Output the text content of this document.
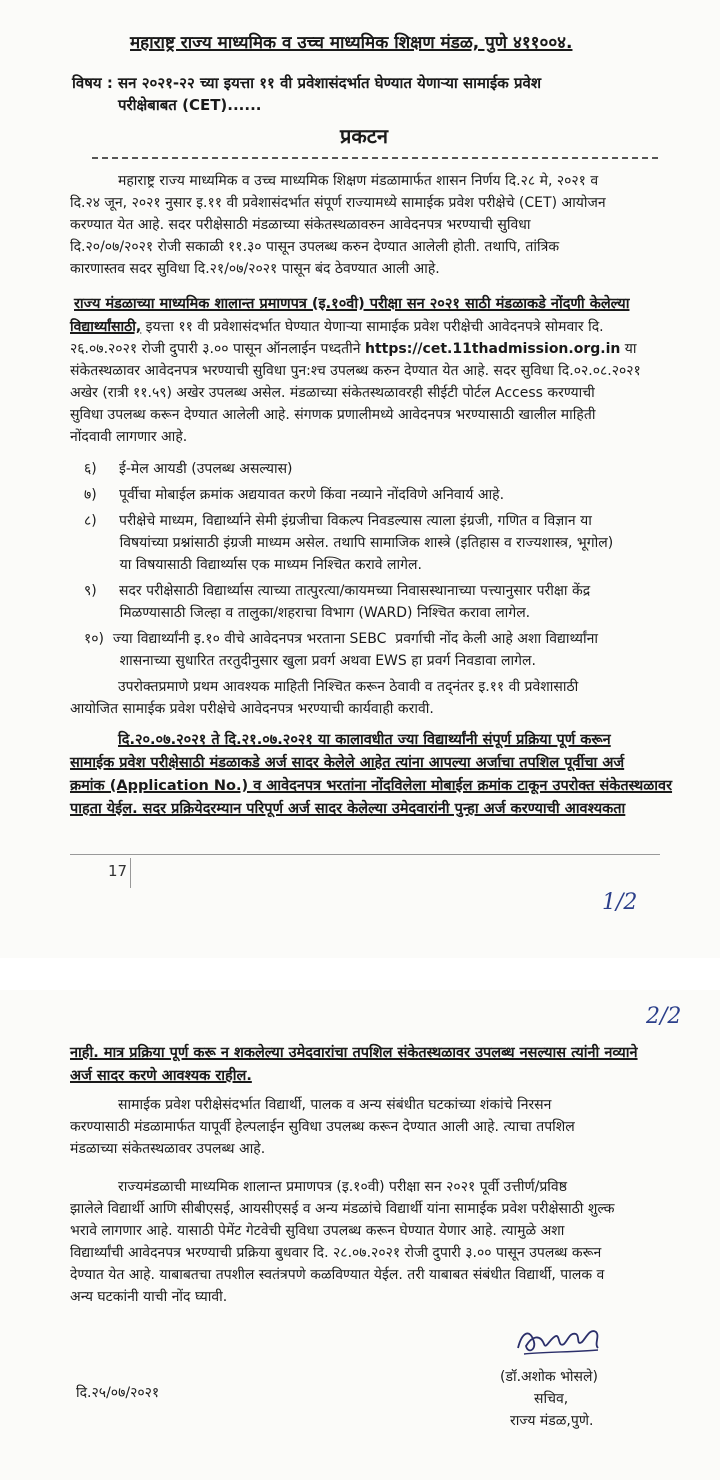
महाराष्ट्र राज्य माध्यमिक व उच्च माध्यमिक शिक्षण मंडळ, पुणे ४११००४.
विषय : सन २०२१-२२ च्या इयत्ता ११ वी प्रवेशासंदर्भात घेण्यात येणाऱ्या सामाईक प्रवेश
परीक्षेबाबत (CET)......
प्रकटन
महाराष्ट्र राज्य माध्यमिक व उच्च माध्यमिक शिक्षण मंडळामार्फत शासन निर्णय दि.२८ मे, २०२१ व
दि.२४ जून, २०२१ नुसार इ.११ वी प्रवेशासंदर्भात संपूर्ण राज्यामध्ये सामाईक प्रवेश परीक्षेचे (CET) आयोजन
करण्यात येत आहे. सदर परीक्षेसाठी मंडळाच्या संकेतस्थळावरुन आवेदनपत्र भरण्याची सुविधा
दि.२०/०७/२०२१ रोजी सकाळी ११.३० पासून उपलब्ध करुन देण्यात आलेली होती. तथापि, तांत्रिक
कारणास्तव सदर सुविधा दि.२१/०७/२०२१ पासून बंद ठेवण्यात आली आहे.
राज्य मंडळाच्या माध्यमिक शालान्त प्रमाणपत्र (इ.१०वी) परीक्षा सन २०२१ साठी मंडळाकडे नोंदणी केलेल्या
विद्यार्थ्यांसाठी, इयत्ता ११ वी प्रवेशासंदर्भात घेण्यात येणाऱ्या सामाईक प्रवेश परीक्षेची आवेदनपत्रे सोमवार दि.
२६.०७.२०२१ रोजी दुपारी ३.०० पासून ऑनलाईन पध्दतीने https://cet.11thadmission.org.in या
संकेतस्थळावर आवेदनपत्र भरण्याची सुविधा पुन:श्च उपलब्ध करुन देण्यात येत आहे. सदर सुविधा दि.०२.०८.२०२१
अखेर (रात्री ११.५९) अखेर उपलब्ध असेल. मंडळाच्या संकेतस्थळावरही सीईटी पोर्टल Access करण्याची
सुविधा उपलब्ध करून देण्यात आलेली आहे. संगणक प्रणालीमध्ये आवेदनपत्र भरण्यासाठी खालील माहिती
नोंदवावी लागणार आहे.
६)     ई-मेल आयडी (उपलब्ध असल्यास)
७)     पूर्वीचा मोबाईल क्रमांक अद्ययावत करणे किंवा नव्याने नोंदविणे अनिवार्य आहे.
८)     परीक्षेचे माध्यम, विद्यार्थ्याने सेमी इंग्रजीचा विकल्प निवडल्यास त्याला इंग्रजी, गणित व विज्ञान या
विषयांच्या प्रश्नांसाठी इंग्रजी माध्यम असेल. तथापि सामाजिक शास्त्रे (इतिहास व राज्यशास्त्र, भूगोल)
या विषयासाठी विद्यार्थ्यास एक माध्यम निश्चित करावे लागेल.
९)     सदर परीक्षेसाठी विद्यार्थ्यास त्याच्या तात्पुरत्या/कायमच्या निवासस्थानाच्या पत्त्यानुसार परीक्षा केंद्र
मिळण्यासाठी जिल्हा व तालुका/शहराचा विभाग (WARD) निश्चित करावा लागेल.
१०)  ज्या विद्यार्थ्यांनी इ.१० वीचे आवेदनपत्र भरताना SEBC  प्रवर्गाची नोंद केली आहे अशा विद्यार्थ्यांना
शासनाच्या सुधारित तरतुदीनुसार खुला प्रवर्ग अथवा EWS हा प्रवर्ग निवडावा लागेल.
उपरोक्तप्रमाणे प्रथम आवश्यक माहिती निश्चित करून ठेवावी व तद्नंतर इ.११ वी प्रवेशासाठी
आयोजित सामाईक प्रवेश परीक्षेचे आवेदनपत्र भरण्याची कार्यवाही करावी.
दि.२०.०७.२०२१ ते दि.२१.०७.२०२१ या कालावधीत ज्या विद्यार्थ्यांनी संपूर्ण प्रक्रिया पूर्ण करून
सामाईक प्रवेश परीक्षेसाठी मंडळाकडे अर्ज सादर केलेले आहेत त्यांना आपल्या अर्जाचा तपशिल पूर्वीचा अर्ज
क्रमांक (Application No.) व आवेदनपत्र भरतांना नोंदविलेला मोबाईल क्रमांक टाकून उपरोक्त संकेतस्थळावर
पाहता येईल. सदर प्रक्रियेदरम्यान परिपूर्ण अर्ज सादर केलेल्या उमेदवारांनी पुन्हा अर्ज करण्याची आवश्यकता
17
1/2
2/2
नाही. मात्र प्रक्रिया पूर्ण करू न शकलेल्या उमेदवारांचा तपशिल संकेतस्थळावर उपलब्ध नसल्यास त्यांनी नव्याने
अर्ज सादर करणे आवश्यक राहील.
सामाईक प्रवेश परीक्षेसंदर्भात विद्यार्थी, पालक व अन्य संबंधीत घटकांच्या शंकांचे निरसन
करण्यासाठी मंडळामार्फत यापूर्वी हेल्पलाईन सुविधा उपलब्ध करून देण्यात आली आहे. त्याचा तपशिल
मंडळाच्या संकेतस्थळावर उपलब्ध आहे.
राज्यमंडळाची माध्यमिक शालान्त प्रमाणपत्र (इ.१०वी) परीक्षा सन २०२१ पूर्वी उत्तीर्ण/प्रविष्ठ
झालेले विद्यार्थी आणि सीबीएसई, आयसीएसई व अन्य मंडळांचे विद्यार्थी यांना सामाईक प्रवेश परीक्षेसाठी शुल्क
भरावे लागणार आहे. यासाठी पेमेंट गेटवेची सुविधा उपलब्ध करून घेण्यात येणार आहे. त्यामुळे अशा
विद्यार्थ्यांची आवेदनपत्र भरण्याची प्रक्रिया बुधवार दि. २८.०७.२०२१ रोजी दुपारी ३.०० पासून उपलब्ध करून
देण्यात येत आहे. याबाबतचा तपशील स्वतंत्रपणे कळविण्यात येईल. तरी याबाबत संबंधीत विद्यार्थी, पालक व
अन्य घटकांनी याची नोंद घ्यावी.
(डॉ.अशोक भोसले)
सचिव,
राज्य मंडळ,पुणे.
दि.२५/०७/२०२१
